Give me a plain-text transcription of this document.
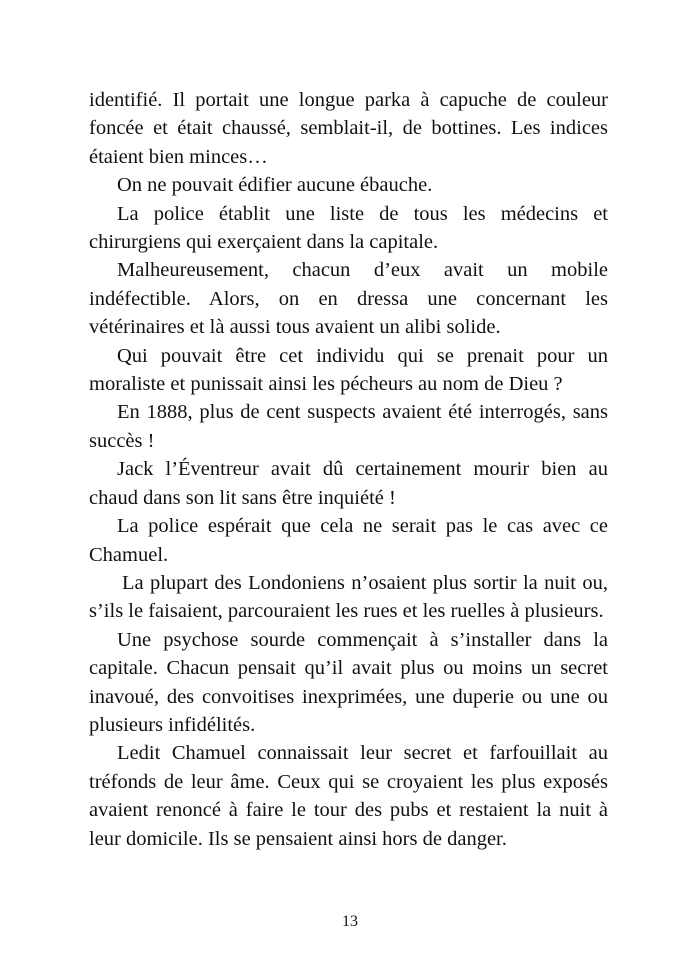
identifié. Il portait une longue parka à capuche de couleur foncée et était chaussé, semblait-il, de bottines. Les indices étaient bien minces…

On ne pouvait édifier aucune ébauche.

La police établit une liste de tous les médecins et chirurgiens qui exerçaient dans la capitale.

Malheureusement, chacun d’eux avait un mobile indéfectible. Alors, on en dressa une concernant les vétérinaires et là aussi tous avaient un alibi solide.

Qui pouvait être cet individu qui se prenait pour un moraliste et punissait ainsi les pécheurs au nom de Dieu ?

En 1888, plus de cent suspects avaient été interrogés, sans succès !

Jack l’Éventreur avait dû certainement mourir bien au chaud dans son lit sans être inquiété !

La police espérait que cela ne serait pas le cas avec ce Chamuel.

La plupart des Londoniens n’osaient plus sortir la nuit ou, s’ils le faisaient, parcouraient les rues et les ruelles à plusieurs.

Une psychose sourde commençait à s’installer dans la capitale. Chacun pensait qu’il avait plus ou moins un secret inavoué, des convoitises inexprimées, une duperie ou une ou plusieurs infidélités.

Ledit Chamuel connaissait leur secret et farfouillait au tréfonds de leur âme. Ceux qui se croyaient les plus exposés avaient renoncé à faire le tour des pubs et restaient la nuit à leur domicile. Ils se pensaient ainsi hors de danger.

13
